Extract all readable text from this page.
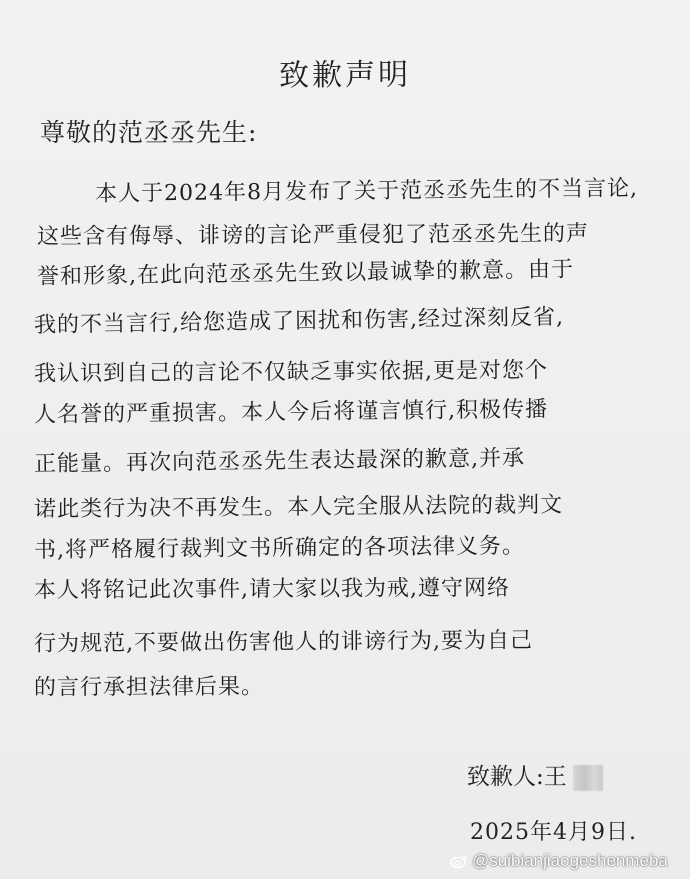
致歉声明
尊敬的范丞丞先生:
本人于2024年8月发布了关于范丞丞先生的不当言论,
这些含有侮辱、诽谤的言论严重侵犯了范丞丞先生的声
誉和形象,在此向范丞丞先生致以最诚挚的歉意。由于
我的不当言行,给您造成了困扰和伤害,经过深刻反省,
我认识到自己的言论不仅缺乏事实依据,更是对您个
人名誉的严重损害。本人今后将谨言慎行,积极传播
正能量。再次向范丞丞先生表达最深的歉意,并承
诺此类行为决不再发生。本人完全服从法院的裁判文
书,将严格履行裁判文书所确定的各项法律义务。
本人将铭记此次事件,请大家以我为戒,遵守网络
行为规范,不要做出伤害他人的诽谤行为,要为自己
的言行承担法律后果。
致歉人:王
2025年4月9日.
@suibianjiaogeshenmeba
